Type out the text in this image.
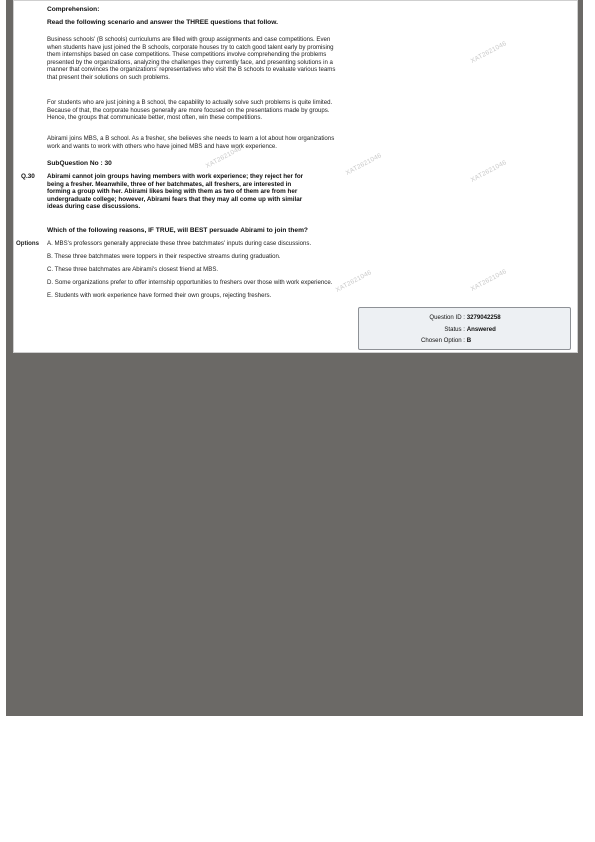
XAT2621046
XAT2621046
XAT2621046
XAT2621046	XAT2621046
XAT2621046
Comprehension:
Read the following scenario and answer the THREE questions that follow.
Business schools' (B schools) curriculums are filled with group assignments and case competitions. Even
when students have just joined the B schools, corporate houses try to catch good talent early by promising
them internships based on case competitions. These competitions involve comprehending the problems
presented by the organizations, analyzing the challenges they currently face, and presenting solutions in a
manner that convinces the organizations' representatives who visit the B schools to evaluate various teams
that present their solutions on such problems.
For students who are just joining a B school, the capability to actually solve such problems is quite limited.
Because of that, the corporate houses generally are more focused on the presentations made by groups.
Hence, the groups that communicate better, most often, win these competitions.
Abirami joins MBS, a B school. As a fresher, she believes she needs to learn a lot about how organizations
work and wants to work with others who have joined MBS and have work experience.
SubQuestion No : 30
Q.30 Abirami cannot join groups having members with work experience; they reject her for
being a fresher. Meanwhile, three of her batchmates, all freshers, are interested in
forming a group with her. Abirami likes being with them as two of them are from her
undergraduate college; however, Abirami fears that they may all come up with similar
ideas during case discussions.
Which of the following reasons, IF TRUE, will BEST persuade Abirami to join them?
Options A. MBS's professors generally appreciate these three batchmates' inputs during case discussions.
B. These three batchmates were toppers in their respective streams during graduation.
C. These three batchmates are Abirami's closest friend at MBS.
D. Some organizations prefer to offer internship opportunities to freshers over those with work experience.
E. Students with work experience have formed their own groups, rejecting freshers.
Question ID : 3279042258
Status : Answered
Chosen Option : B
